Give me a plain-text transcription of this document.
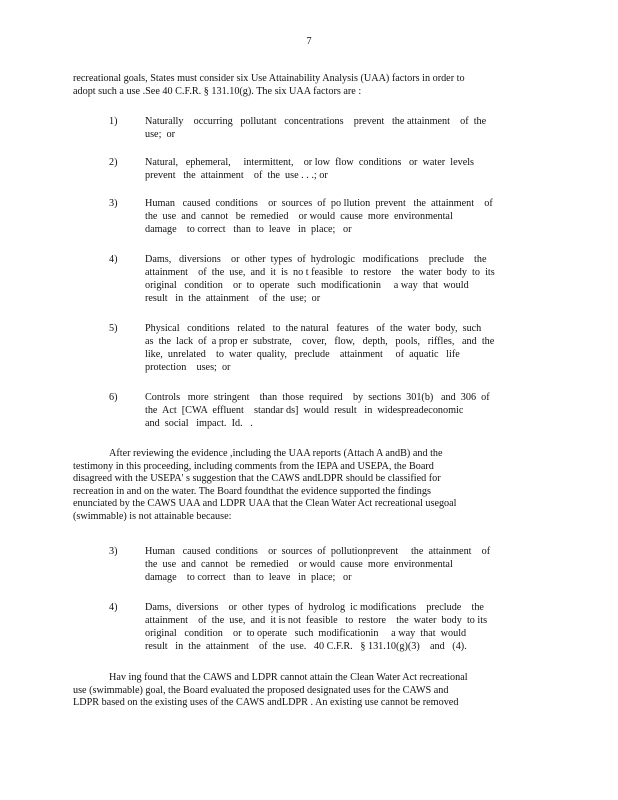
7
recreational goals, States must consider six Use Attainability Analysis (UAA) factors in order to
adopt such a use .See 40 C.F.R. § 131.10(g). The six UAA factors are :
1)	Naturally    occurring   pollutant   concentrations    prevent   the attainment    of  the
use;  or
2)	Natural,   ephemeral,     intermittent,    or low  flow  conditions   or  water  levels
prevent   the  attainment    of  the  use . . .; or
3)	Human   caused  conditions    or  sources  of  po llution  prevent   the  attainment    of
the  use  and  cannot   be  remedied    or would  cause  more  environmental
damage    to correct   than  to  leave   in  place;   or
4)	Dams,   diversions    or  other  types  of  hydrologic   modifications    preclude    the
attainment    of  the  use,  and  it  is  no t feasible   to  restore    the  water  body  to  its
original   condition    or  to  operate   such  modificationin     a way  that  would
result   in  the  attainment    of  the  use;  or
5)	Physical   conditions   related   to  the natural   features   of  the  water  body,  such
as  the  lack  of  a prop er  substrate,    cover,   flow,   depth,   pools,   riffles,   and  the
like,  unrelated    to  water  quality,   preclude    attainment     of  aquatic   life
protection    uses;  or
6)	Controls   more  stringent    than  those  required    by  sections  301(b)   and  306  of
the  Act  [CWA  effluent    standar ds]  would  result   in  widespreadeconomic
and  social   impact.  Id.   .
After reviewing the evidence ,including the UAA reports (Attach A andB) and the
testimony in this proceeding, including comments from the IEPA and USEPA, the Board
disagreed with the USEPA' s suggestion that the CAWS andLDPR should be classified for
recreation in and on the water. The Board foundthat the evidence supported the findings
enunciated by the CAWS UAA and LDPR UAA that the Clean Water Act recreational usegoal
(swimmable) is not attainable because:
3)	Human   caused  conditions    or  sources  of  pollutionprevent     the  attainment    of
the  use  and  cannot   be  remedied    or would  cause  more  environmental
damage    to correct   than  to  leave   in  place;   or
4)	Dams,  diversions    or  other  types  of  hydrolog  ic modifications    preclude    the
attainment    of  the  use,  and  it is not  feasible   to  restore    the  water  body  to its
original   condition    or  to operate   such  modificationin     a way  that  would
result   in  the  attainment    of  the  use.   40 C.F.R.   § 131.10(g)(3)    and   (4).
Hav ing found that the CAWS and LDPR cannot attain the Clean Water Act recreational
use (swimmable) goal, the Board evaluated the proposed designated uses for the CAWS and
LDPR based on the existing uses of the CAWS andLDPR . An existing use cannot be removed
